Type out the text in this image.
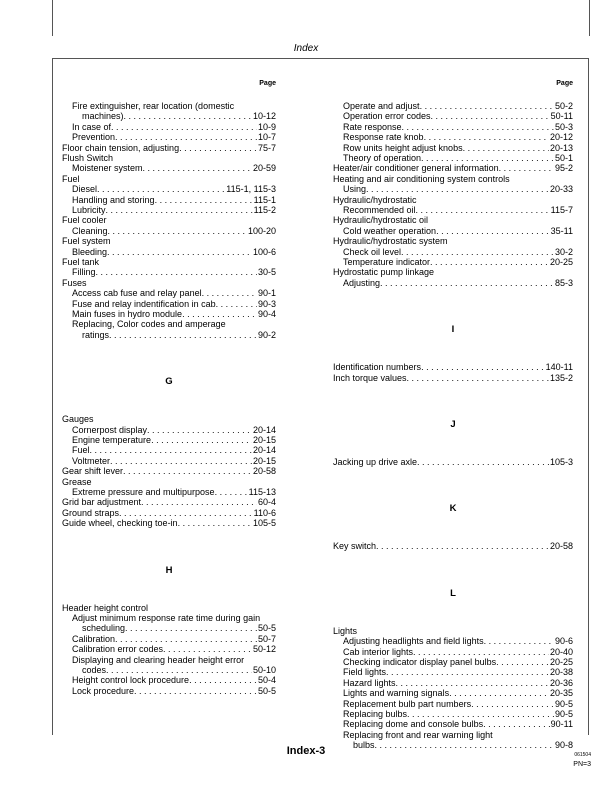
Index
Page	Page
Fire extinguisher, rear location (domestic
machines) . . .	10-12
In case of . . .	10-9
Prevention . . .	10-7
Floor chain tension, adjusting . . .	75-7
Flush Switch
Moistener system . . .	20-59
Fuel
Diesel . . .	115-1, 115-3
Handling and storing . . .	115-1
Lubricity . . .	115-2
Fuel cooler
Cleaning . . .	100-20
Fuel system
Bleeding . . .	100-6
Fuel tank
Filling . . .	30-5
Fuses
Access cab fuse and relay panel . . .	90-1
Fuse and relay indentification in cab . . .	90-3
Main fuses in hydro module . . .	90-4
Replacing, Color codes and amperage
ratings . . .	90-2
G
Gauges
Cornerpost display . . .	20-14
Engine temperature . . .	20-15
Fuel . . .	20-14
Voltmeter . . .	20-15
Gear shift lever . . .	20-58
Grease
Extreme pressure and multipurpose . . .	115-13
Grid bar adjustment . . .	60-4
Ground straps . . .	110-6
Guide wheel, checking toe-in . . .	105-5
H
Header height control
Adjust minimum response rate time during gain
scheduling . . .	50-5
Calibration . . .	50-7
Calibration error codes . . .	50-12
Displaying and clearing header height error
codes . . .	50-10
Height control lock procedure . . .	50-4
Lock procedure . . .	50-5
Operate and adjust . . .	50-2
Operation error codes . . .	50-11
Rate response . . .	50-3
Response rate knob . . .	20-12
Row units height adjust knobs . . .	20-13
Theory of operation . . .	50-1
Heater/air conditioner general information . . .	95-2
Heating and air conditioning system controls
Using . . .	20-33
Hydraulic/hydrostatic
Recommended oil . . .	115-7
Hydraulic/hydrostatic oil
Cold weather operation . . .	35-11
Hydraulic/hydrostatic system
Check oil level . . .	30-2
Temperature indicator . . .	20-25
Hydrostatic pump linkage
Adjusting . . .	85-3
I
Identification numbers . . .	140-11
Inch torque values . . .	135-2
J
Jacking up drive axle . . .	105-3
K
Key switch . . .	20-58
L
Lights
Adjusting headlights and field lights . . .	90-6
Cab interior lights . . .	20-40
Checking indicator display panel bulbs . . .	20-25
Field lights . . .	20-38
Hazard lights . . .	20-36
Lights and warning signals . . .	20-35
Replacement bulb part numbers . . .	90-5
Replacing bulbs . . .	90-5
Replacing dome and console bulbs . . .	90-11
Replacing front and rear warning light
bulbs . . .	90-8
Index-3	061504
PN=3
